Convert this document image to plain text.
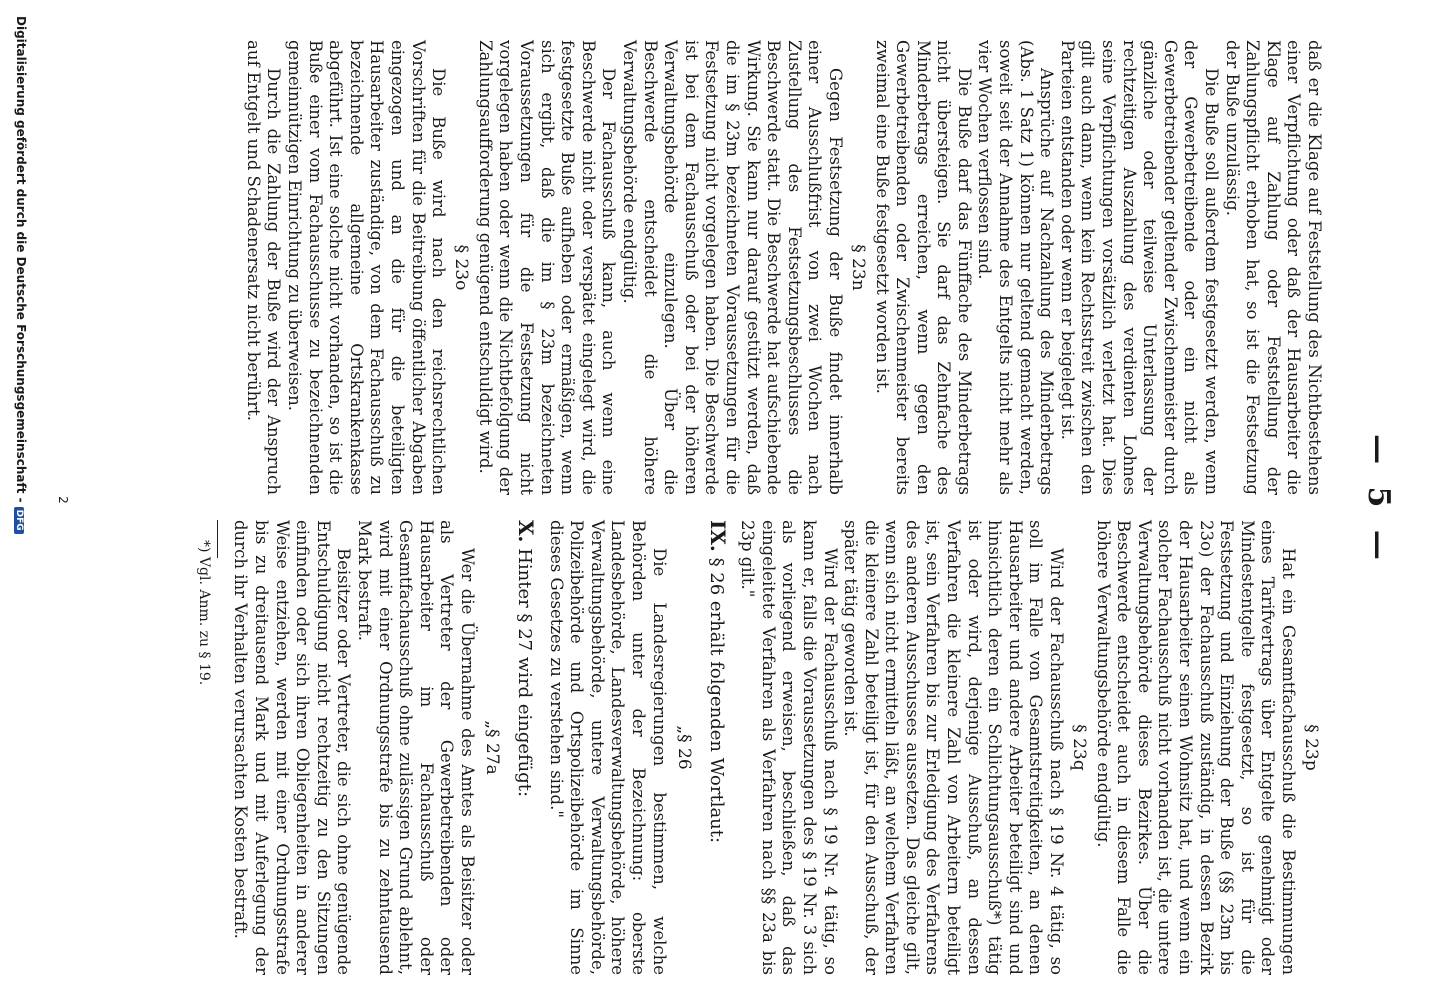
— 5 —

daß er die Klage auf Feststellung des Nichtbestehens einer Verpflichtung oder daß der Hausarbeiter die Klage auf Zahlung oder Feststellung der Zahlungspflicht erhoben hat, so ist die Festsetzung der Buße unzulässig.

Die Buße soll außerdem festgesetzt werden, wenn der Gewerbetreibende oder ein nicht als Gewerbetreibender geltender Zwischenmeister durch gänzliche oder teilweise Unterlassung der rechtzeitigen Auszahlung des verdienten Lohnes seine Verpflichtungen vorsätzlich verletzt hat. Dies gilt auch dann, wenn kein Rechtsstreit zwischen den Parteien entstanden oder wenn er beigelegt ist.

Ansprüche auf Nachzahlung des Minderbetrags (Abs. 1 Satz 1) können nur geltend gemacht werden, soweit seit der Annahme des Entgelts nicht mehr als vier Wochen verflossen sind.

Die Buße darf das Fünffache des Minderbetrags nicht übersteigen. Sie darf das Zehnfache des Minderbetrags erreichen, wenn gegen den Gewerbetreibenden oder Zwischenmeister bereits zweimal eine Buße festgesetzt worden ist.

§ 23n

Gegen Festsetzung der Buße findet innerhalb einer Ausschlußfrist von zwei Wochen nach Zustellung des Festsetzungsbeschlusses die Beschwerde statt. Die Beschwerde hat aufschiebende Wirkung. Sie kann nur darauf gestützt werden, daß die im § 23m bezeichneten Voraussetzungen für die Festsetzung nicht vorgelegen haben. Die Beschwerde ist bei dem Fachausschuß oder bei der höheren Verwaltungsbehörde einzulegen. Über die Beschwerde entscheidet die höhere Verwaltungsbehörde endgültig.

Der Fachausschuß kann, auch wenn eine Beschwerde nicht oder verspätet eingelegt wird, die festgesetzte Buße aufheben oder ermäßigen, wenn sich ergibt, daß die im § 23m bezeichneten Voraussetzungen für die Festsetzung nicht vorgelegen haben oder wenn die Nichtbefolgung der Zahlungsaufforderung genügend entschuldigt wird.

§ 23o

Die Buße wird nach den reichsrechtlichen Vorschriften für die Beitreibung öffentlicher Abgaben eingezogen und an die für die beteiligten Hausarbeiter zuständige, von dem Fachausschuß zu bezeichnende allgemeine Ortskrankenkasse abgeführt. Ist eine solche nicht vorhanden, so ist die Buße einer vom Fachausschusse zu bezeichnenden gemeinnützigen Einrichtung zu überweisen.

Durch die Zahlung der Buße wird der Anspruch auf Entgelt und Schadenersatz nicht berührt.

§ 23p

Hat ein Gesamtfachausschuß die Bestimmungen eines Tarifvertrags über Entgelte genehmigt oder Mindestentgelte festgesetzt, so ist für die Festsetzung und Einziehung der Buße (§§ 23m bis 23o) der Fachausschuß zuständig, in dessen Bezirk der Hausarbeiter seinen Wohnsitz hat, und wenn ein solcher Fachausschuß nicht vorhanden ist, die untere Verwaltungsbehörde dieses Bezirkes. Über die Beschwerde entscheidet auch in diesem Falle die höhere Verwaltungsbehörde endgültig.

§ 23q

Wird der Fachausschuß nach § 19 Nr. 4 tätig, so soll im Falle von Gesamtstreitigkeiten, an denen Hausarbeiter und andere Arbeiter beteiligt sind und hinsichtlich deren ein Schlichtungsausschuß*) tätig ist oder wird, derjenige Ausschuß, an dessen Verfahren die kleinere Zahl von Arbeitern beteiligt ist, sein Verfahren bis zur Erledigung des Verfahrens des anderen Ausschusses aussetzen. Das gleiche gilt, wenn sich nicht ermitteln läßt, an welchem Verfahren die kleinere Zahl beteiligt ist, für den Ausschuß, der später tätig geworden ist.

Wird der Fachausschuß nach § 19 Nr. 4 tätig, so kann er, falls die Voraussetzungen des § 19 Nr. 3 sich als vorliegend erweisen, beschließen, daß das eingeleitete Verfahren als Verfahren nach §§ 23a bis 23p gilt."

IX. § 26 erhält folgenden Wortlaut:
„§ 26

Die Landesregierungen bestimmen, welche Behörden unter der Bezeichnung: oberste Landesbehörde, Landesverwaltungsbehörde, höhere Verwaltungsbehörde, untere Verwaltungsbehörde, Polizeibehörde und Ortspolizeibehörde im Sinne dieses Gesetzes zu verstehen sind."

X. Hinter § 27 wird eingefügt:
„§ 27a

Wer die Übernahme des Amtes als Beisitzer oder als Vertreter der Gewerbetreibenden oder Hausarbeiter im Fachausschuß oder Gesamtfachausschuß ohne zulässigen Grund ablehnt, wird mit einer Ordnungsstrafe bis zu zehntausend Mark bestraft.

Beisitzer oder Vertreter, die sich ohne genügende Entschuldigung nicht rechtzeitig zu den Sitzungen einfinden oder sich ihren Obliegenheiten in anderer Weise entziehen, werden mit einer Ordnungsstrafe bis zu dreitausend Mark und mit Auferlegung der durch ihr Verhalten verursachten Kosten bestraft.

*) Vgl. Anm. zu § 19.
2
Digitalisierung gefördert durch die Deutsche Forschungsgemeinschaft -DFG
